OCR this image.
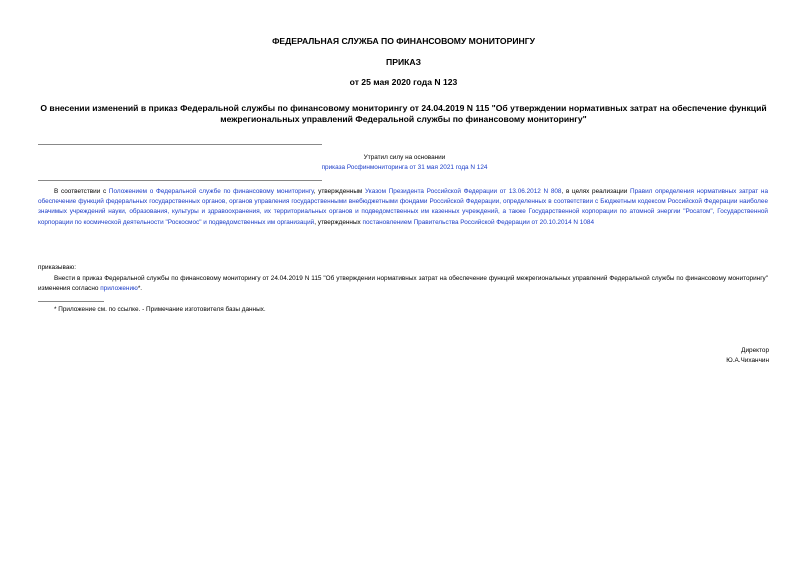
ФЕДЕРАЛЬНАЯ СЛУЖБА ПО ФИНАНСОВОМУ МОНИТОРИНГУ
ПРИКАЗ
от 25 мая 2020 года N 123
О внесении изменений в приказ Федеральной службы по финансовому мониторингу от 24.04.2019 N 115 "Об утверждении нормативных затрат на обеспечение функций межрегиональных управлений Федеральной службы по финансовому мониторингу"
Утратил силу на основании
приказа Росфинмониторинга от 31 мая 2021 года N 124
В соответствии с Положением о Федеральной службе по финансовому мониторингу, утвержденным Указом Президента Российской Федерации от 13.06.2012 N 808, в целях реализации Правил определения нормативных затрат на обеспечение функций федеральных государственных органов, органов управления государственными внебюджетными фондами Российской Федерации, определенных в соответствии с Бюджетным кодексом Российской Федерации наиболее значимых учреждений науки, образования, культуры и здравоохранения, их территориальных органов и подведомственных им казенных учреждений, а также Государственной корпорации по атомной энергии "Росатом", Государственной корпорации по космической деятельности "Роскосмос" и подведомственных им организаций, утвержденных постановлением Правительства Российской Федерации от 20.10.2014 N 1084
приказываю:
Внести в приказ Федеральной службы по финансовому мониторингу от 24.04.2019 N 115 "Об утверждении нормативных затрат на обеспечение функций межрегиональных управлений Федеральной службы по финансовому мониторингу" изменения согласно приложению*.
* Приложение см. по ссылке. - Примечание изготовителя базы данных.
Директор
Ю.А.Чиханчин
